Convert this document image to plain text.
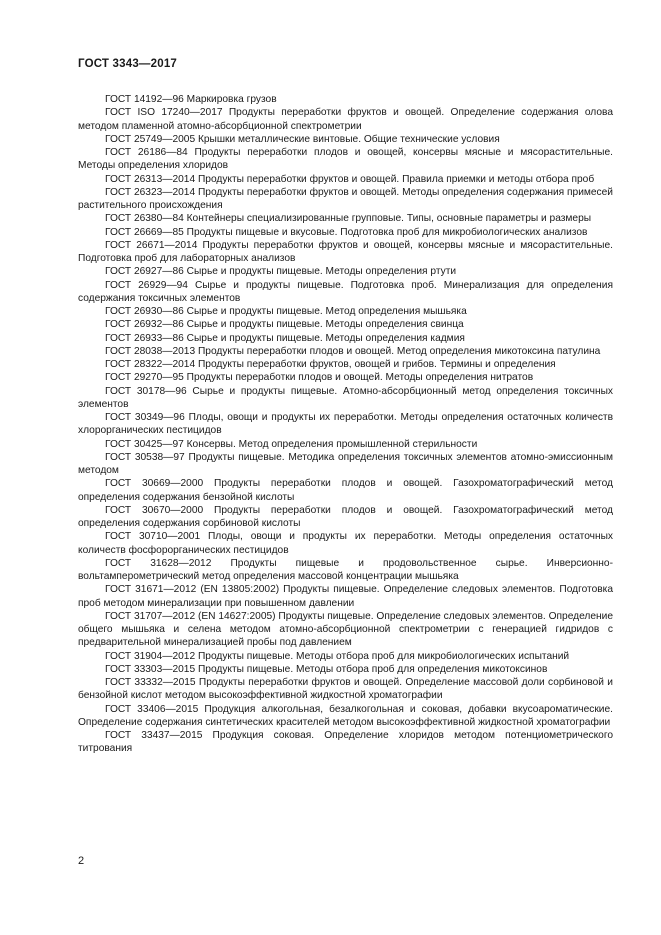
ГОСТ 3343—2017

ГОСТ 14192—96 Маркировка грузов

ГОСТ ISO 17240—2017 Продукты переработки фруктов и овощей. Определение содержания олова методом пламенной атомно-абсорбционной спектрометрии

ГОСТ 25749—2005 Крышки металлические винтовые. Общие технические условия

ГОСТ 26186—84 Продукты переработки плодов и овощей, консервы мясные и мясорастительные. Методы определения хлоридов

ГОСТ 26313—2014 Продукты переработки фруктов и овощей. Правила приемки и методы отбора проб

ГОСТ 26323—2014 Продукты переработки фруктов и овощей. Методы определения содержания примесей растительного происхождения

ГОСТ 26380—84 Контейнеры специализированные групповые. Типы, основные параметры и размеры

ГОСТ 26669—85 Продукты пищевые и вкусовые. Подготовка проб для микробиологических анализов

ГОСТ 26671—2014 Продукты переработки фруктов и овощей, консервы мясные и мясорастительные. Подготовка проб для лабораторных анализов

ГОСТ 26927—86 Сырье и продукты пищевые. Методы определения ртути

ГОСТ 26929—94 Сырье и продукты пищевые. Подготовка проб. Минерализация для определения содержания токсичных элементов

ГОСТ 26930—86 Сырье и продукты пищевые. Метод определения мышьяка

ГОСТ 26932—86 Сырье и продукты пищевые. Методы определения свинца

ГОСТ 26933—86 Сырье и продукты пищевые. Методы определения кадмия

ГОСТ 28038—2013 Продукты переработки плодов и овощей. Метод определения микотоксина патулина

ГОСТ 28322—2014 Продукты переработки фруктов, овощей и грибов. Термины и определения

ГОСТ 29270—95 Продукты переработки плодов и овощей. Методы определения нитратов

ГОСТ 30178—96 Сырье и продукты пищевые. Атомно-абсорбционный метод определения токсичных элементов

ГОСТ 30349—96 Плоды, овощи и продукты их переработки. Методы определения остаточных количеств хлорорганических пестицидов

ГОСТ 30425—97 Консервы. Метод определения промышленной стерильности

ГОСТ 30538—97 Продукты пищевые. Методика определения токсичных элементов атомно-эмиссионным методом

ГОСТ 30669—2000 Продукты переработки плодов и овощей. Газохроматографический метод определения содержания бензойной кислоты

ГОСТ 30670—2000 Продукты переработки плодов и овощей. Газохроматографический метод определения содержания сорбиновой кислоты

ГОСТ 30710—2001 Плоды, овощи и продукты их переработки. Методы определения остаточных количеств фосфорорганических пестицидов

ГОСТ 31628—2012 Продукты пищевые и продовольственное сырье. Инверсионно-вольтамперометрический метод определения массовой концентрации мышьяка

ГОСТ 31671—2012 (EN 13805:2002) Продукты пищевые. Определение следовых элементов. Подготовка проб методом минерализации при повышенном давлении

ГОСТ 31707—2012 (EN 14627:2005) Продукты пищевые. Определение следовых элементов. Определение общего мышьяка и селена методом атомно-абсорбционной спектрометрии с генерацией гидридов с предварительной минерализацией пробы под давлением

ГОСТ 31904—2012 Продукты пищевые. Методы отбора проб для микробиологических испытаний

ГОСТ 33303—2015 Продукты пищевые. Методы отбора проб для определения микотоксинов

ГОСТ 33332—2015 Продукты переработки фруктов и овощей. Определение массовой доли сорбиновой и бензойной кислот методом высокоэффективной жидкостной хроматографии

ГОСТ 33406—2015 Продукция алкогольная, безалкогольная и соковая, добавки вкусоароматические. Определение содержания синтетических красителей методом высокоэффективной жидкостной хроматографии

ГОСТ 33437—2015 Продукция соковая. Определение хлоридов методом потенциометрического титрования

2
